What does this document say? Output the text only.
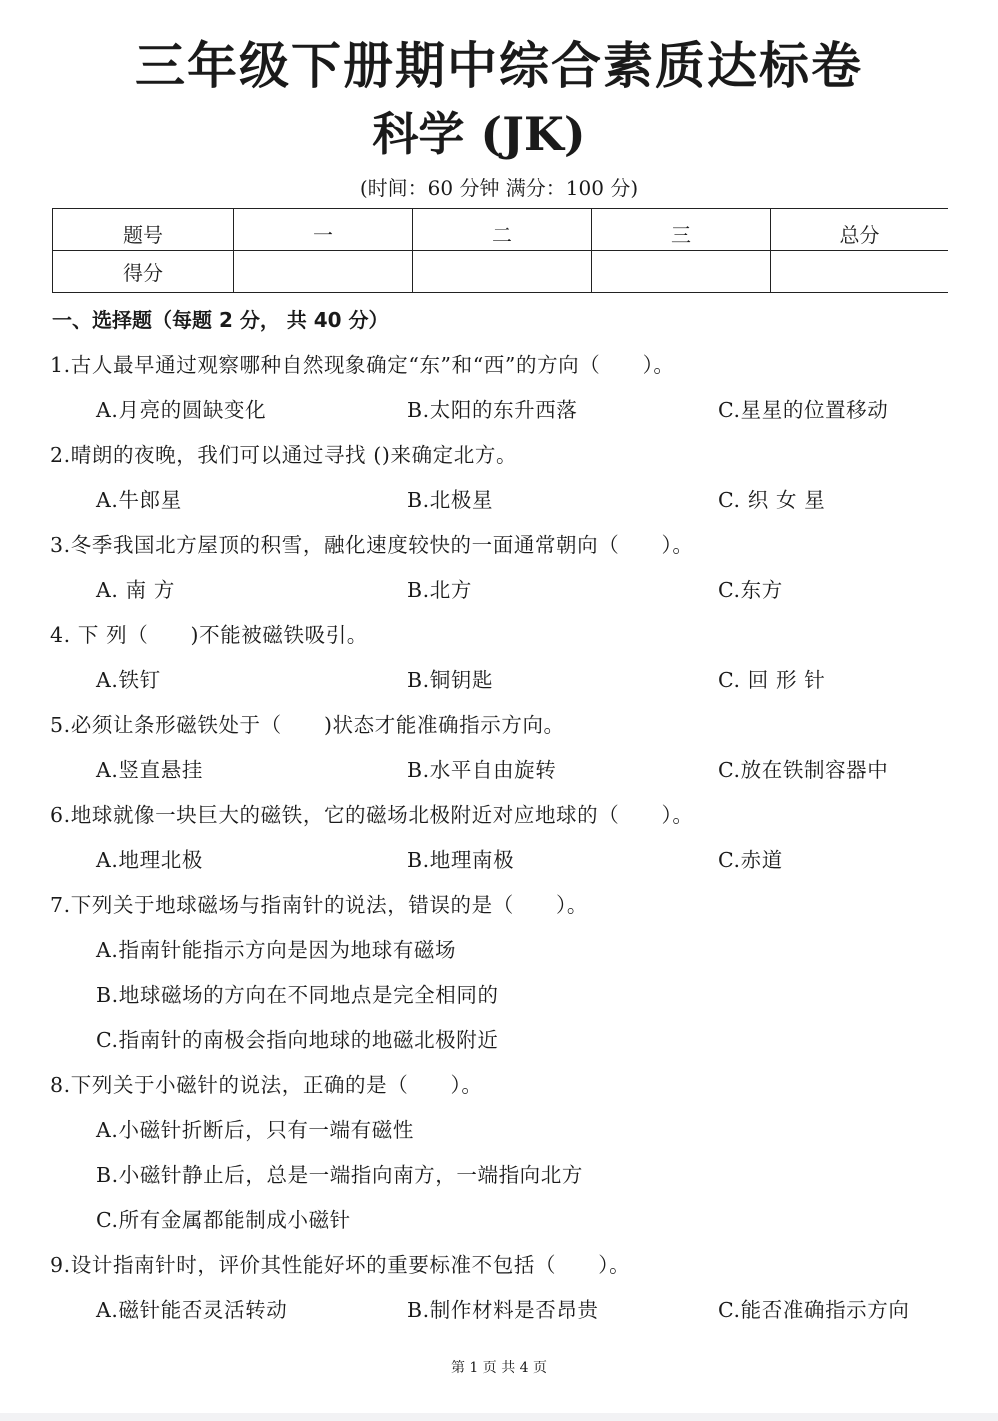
三年级下册期中综合素质达标卷
科学 (JK)
(时间：60 分钟 满分：100 分)
题号	一	二	三	总分
得分				
一、选择题（每题 2 分， 共 40 分）
1.古人最早通过观察哪种自然现象确定“东”和“西”的方向（　　）。
A.月亮的圆缺变化	B.太阳的东升西落	C.星星的位置移动
2.晴朗的夜晚，我们可以通过寻找 ()来确定北方。
A.牛郎星	B.北极星	C. 织 女 星
3.冬季我国北方屋顶的积雪，融化速度较快的一面通常朝向（　　）。
A. 南 方	B.北方	C.东方
4. 下 列（　　)不能被磁铁吸引。
A.铁钉	B.铜钥匙	C. 回 形 针
5.必须让条形磁铁处于（　　)状态才能准确指示方向。
A.竖直悬挂	B.水平自由旋转	C.放在铁制容器中
6.地球就像一块巨大的磁铁，它的磁场北极附近对应地球的（　　）。
A.地理北极	B.地理南极	C.赤道
7.下列关于地球磁场与指南针的说法，错误的是（　　）。
A.指南针能指示方向是因为地球有磁场
B.地球磁场的方向在不同地点是完全相同的
C.指南针的南极会指向地球的地磁北极附近
8.下列关于小磁针的说法，正确的是（　　）。
A.小磁针折断后，只有一端有磁性
B.小磁针静止后，总是一端指向南方，一端指向北方
C.所有金属都能制成小磁针
9.设计指南针时，评价其性能好坏的重要标准不包括（　　）。
A.磁针能否灵活转动	B.制作材料是否昂贵	C.能否准确指示方向
第 1 页 共 4 页
